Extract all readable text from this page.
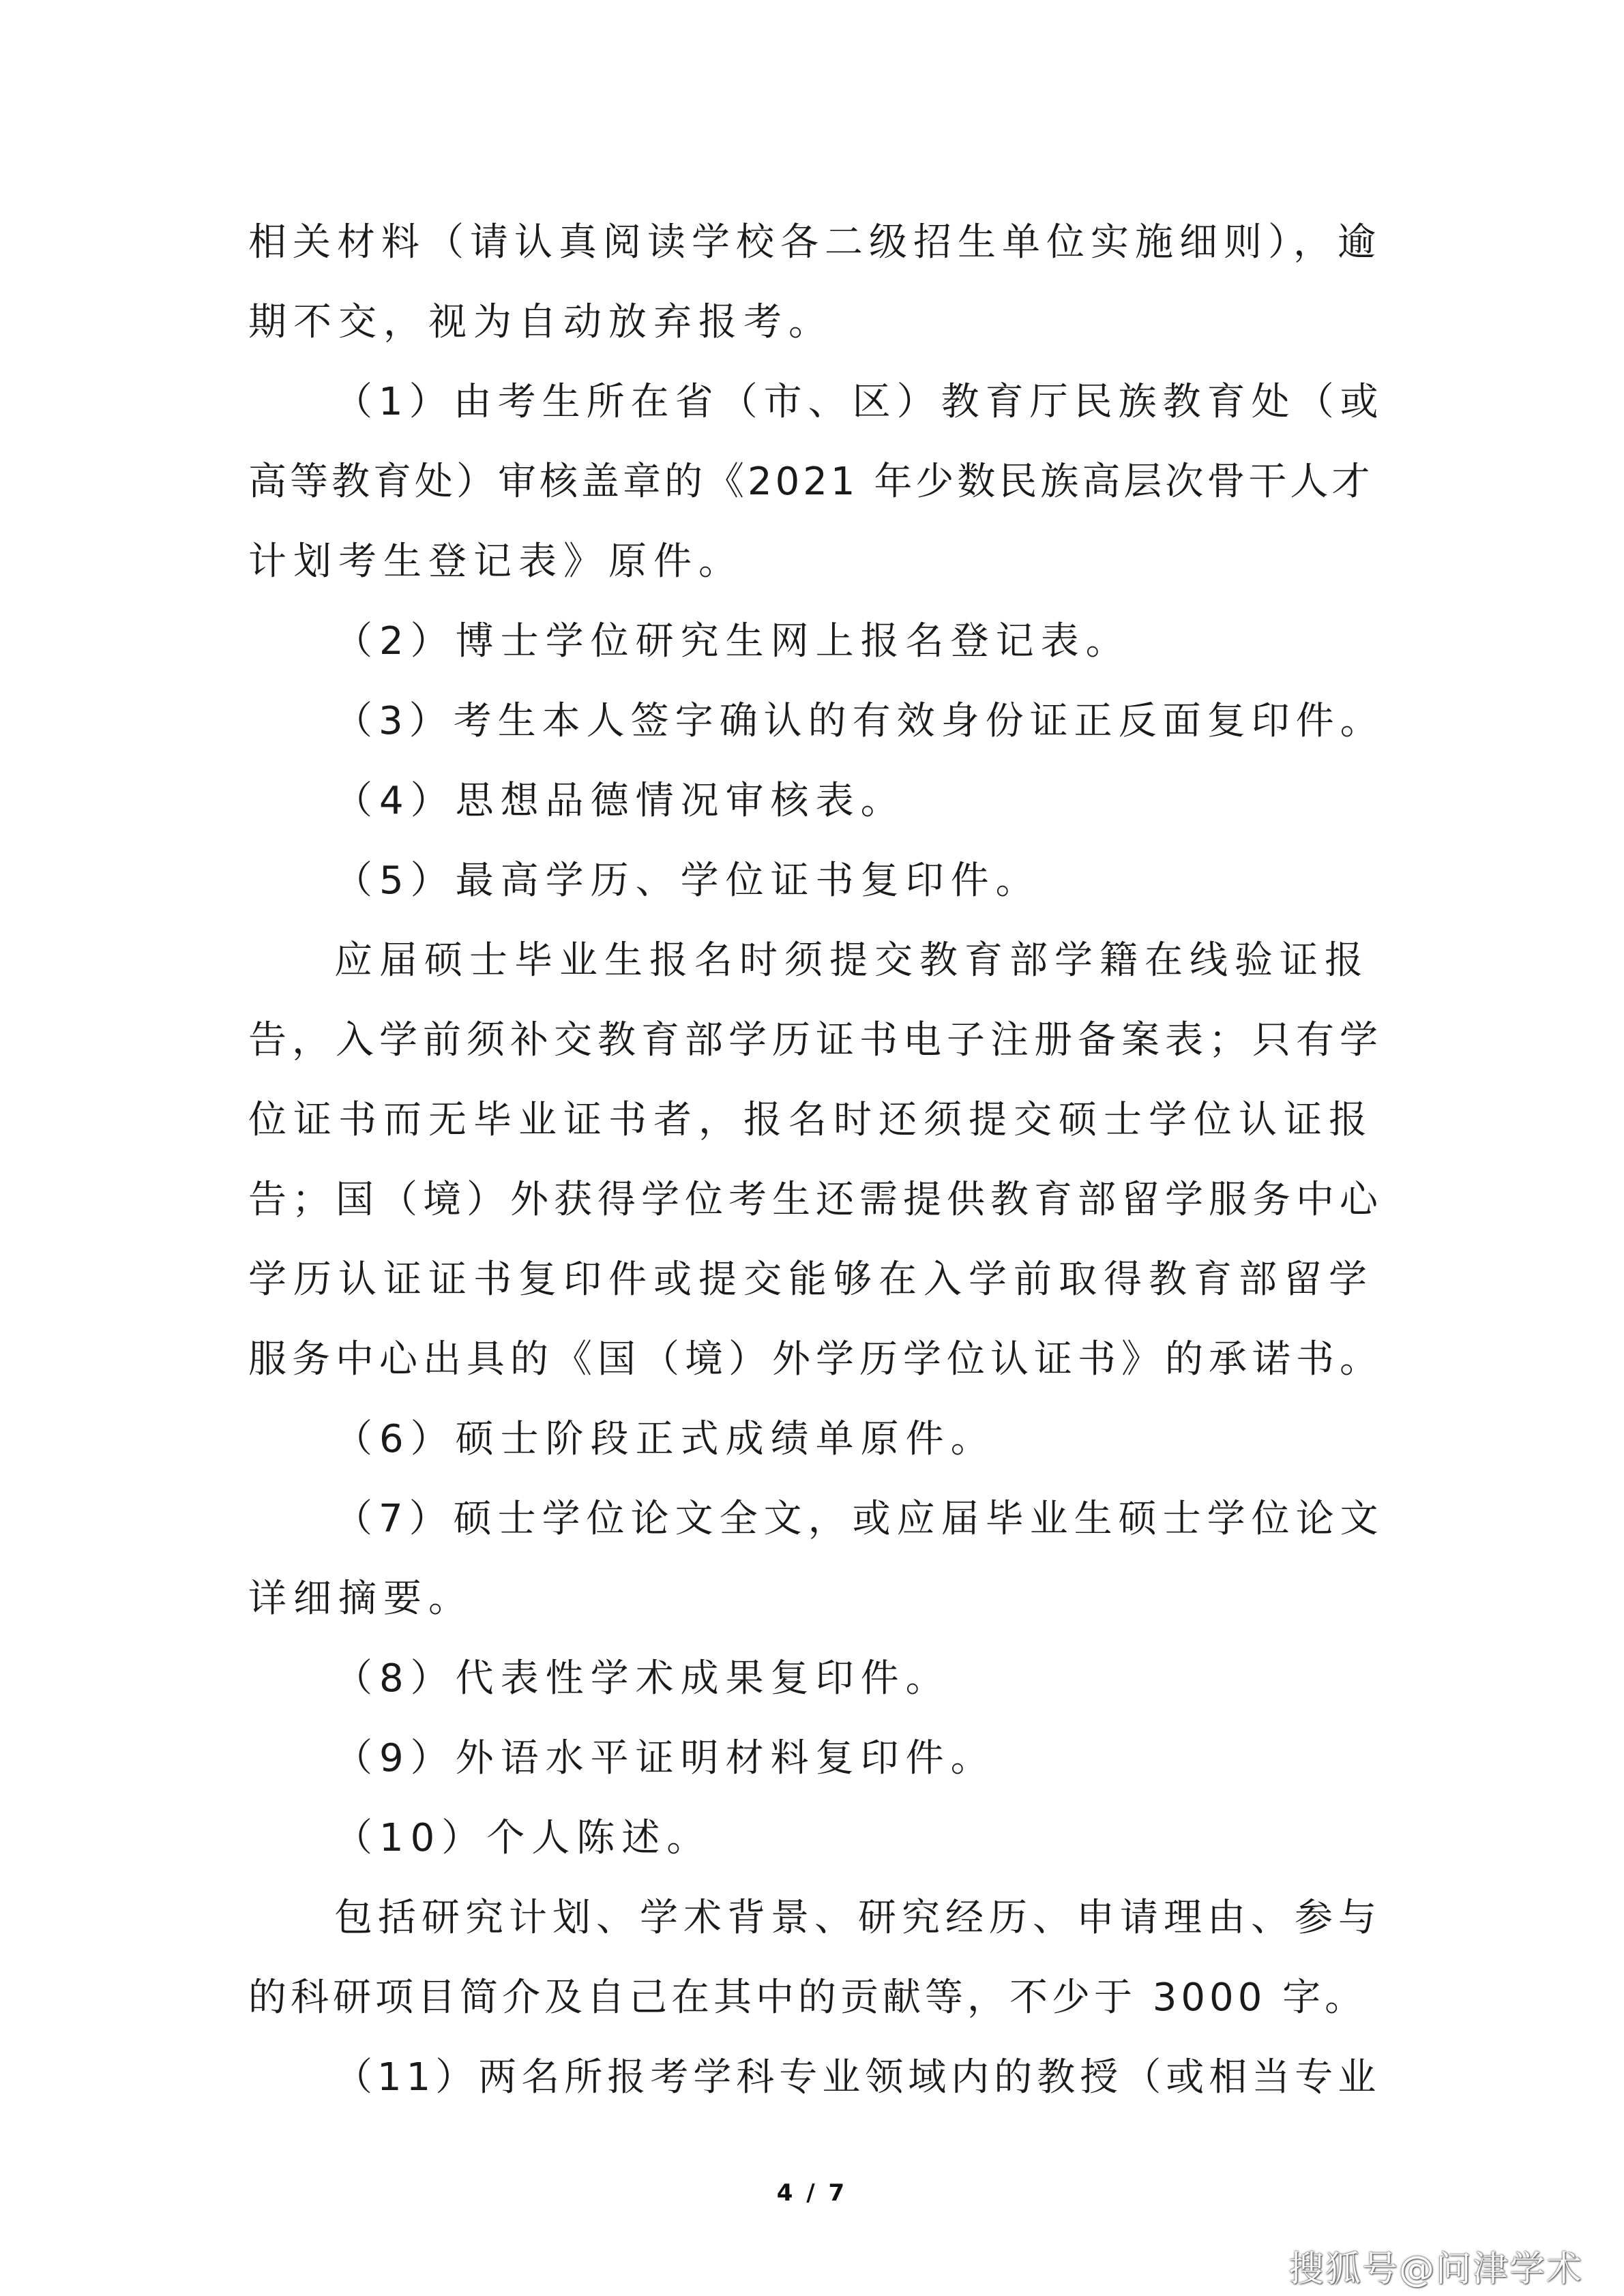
相关材料（请认真阅读学校各二级招生单位实施细则），逾
期不交，视为自动放弃报考。
（1）由考生所在省（市、区）教育厅民族教育处（或
高等教育处）审核盖章的《2021 年少数民族高层次骨干人才
计划考生登记表》原件。
（2）博士学位研究生网上报名登记表。
（3）考生本人签字确认的有效身份证正反面复印件。
（4）思想品德情况审核表。
（5）最高学历、学位证书复印件。
应届硕士毕业生报名时须提交教育部学籍在线验证报
告，入学前须补交教育部学历证书电子注册备案表；只有学
位证书而无毕业证书者，报名时还须提交硕士学位认证报
告；国（境）外获得学位考生还需提供教育部留学服务中心
学历认证证书复印件或提交能够在入学前取得教育部留学
服务中心出具的《国（境）外学历学位认证书》的承诺书。
（6）硕士阶段正式成绩单原件。
（7）硕士学位论文全文，或应届毕业生硕士学位论文
详细摘要。
（8）代表性学术成果复印件。
（9）外语水平证明材料复印件。
（10）个人陈述。
包括研究计划、学术背景、研究经历、申请理由、参与
的科研项目简介及自己在其中的贡献等，不少于 3000 字。
（11）两名所报考学科专业领域内的教授（或相当专业
4 / 7
搜狐号@问津学术
